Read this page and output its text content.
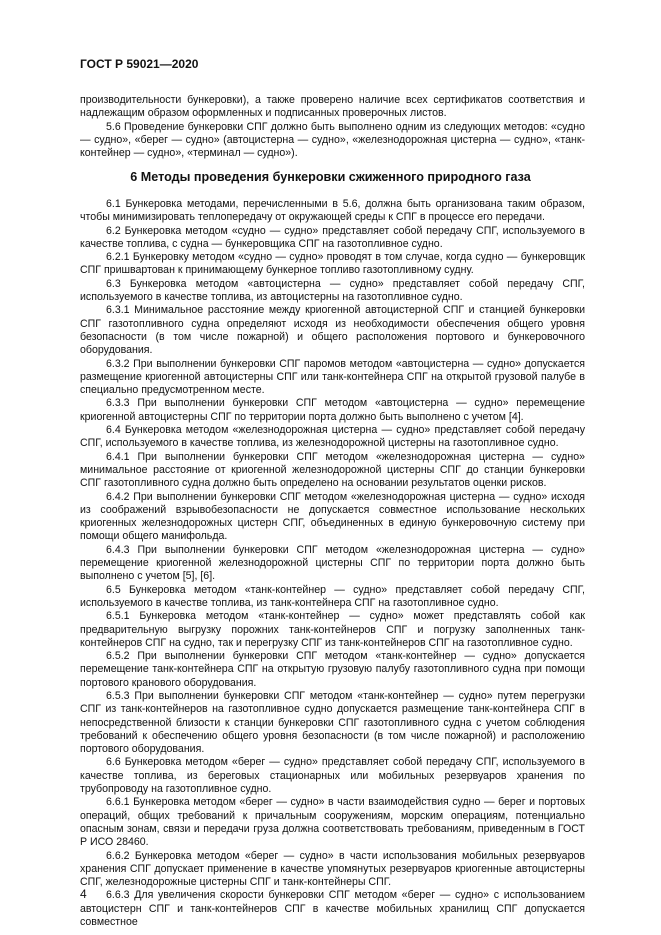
ГОСТ Р 59021—2020

производительности бункеровки), а также проверено наличие всех сертификатов соответствия и надлежащим образом оформленных и подписанных проверочных листов.

5.6 Проведение бункеровки СПГ должно быть выполнено одним из следующих методов: «судно — судно», «берег — судно» (автоцистерна — судно», «железнодорожная цистерна — судно», «танк-контейнер — судно», «терминал — судно»).

6 Методы проведения бункеровки сжиженного природного газа

6.1 Бункеровка методами, перечисленными в 5.6, должна быть организована таким образом, чтобы минимизировать теплопередачу от окружающей среды к СПГ в процессе его передачи.

6.2 Бункеровка методом «судно — судно» представляет собой передачу СПГ, используемого в качестве топлива, с судна — бункеровщика СПГ на газотопливное судно.

6.2.1 Бункеровку методом «судно — судно» проводят в том случае, когда судно — бункеровщик СПГ пришвартован к принимающему бункерное топливо газотопливному судну.

6.3 Бункеровка методом «автоцистерна — судно» представляет собой передачу СПГ, используемого в качестве топлива, из автоцистерны на газотопливное судно.

6.3.1 Минимальное расстояние между криогенной автоцистерной СПГ и станцией бункеровки СПГ газотопливного судна определяют исходя из необходимости обеспечения общего уровня безопасности (в том числе пожарной) и общего расположения портового и бункеровочного оборудования.

6.3.2 При выполнении бункеровки СПГ паромов методом «автоцистерна — судно» допускается размещение криогенной автоцистерны СПГ или танк-контейнера СПГ на открытой грузовой палубе в специально предусмотренном месте.

6.3.3 При выполнении бункеровки СПГ методом «автоцистерна — судно» перемещение криогенной автоцистерны СПГ по территории порта должно быть выполнено с учетом [4].

6.4 Бункеровка методом «железнодорожная цистерна — судно» представляет собой передачу СПГ, используемого в качестве топлива, из железнодорожной цистерны на газотопливное судно.

6.4.1 При выполнении бункеровки СПГ методом «железнодорожная цистерна — судно» минимальное расстояние от криогенной железнодорожной цистерны СПГ до станции бункеровки СПГ газотопливного судна должно быть определено на основании результатов оценки рисков.

6.4.2 При выполнении бункеровки СПГ методом «железнодорожная цистерна — судно» исходя из соображений взрывобезопасности не допускается совместное использование нескольких криогенных железнодорожных цистерн СПГ, объединенных в единую бункеровочную систему при помощи общего манифольда.

6.4.3 При выполнении бункеровки СПГ методом «железнодорожная цистерна — судно» перемещение криогенной железнодорожной цистерны СПГ по территории порта должно быть выполнено с учетом [5], [6].

6.5 Бункеровка методом «танк-контейнер — судно» представляет собой передачу СПГ, используемого в качестве топлива, из танк-контейнера СПГ на газотопливное судно.

6.5.1 Бункеровка методом «танк-контейнер — судно» может представлять собой как предварительную выгрузку порожних танк-контейнеров СПГ и погрузку заполненных танк-контейнеров СПГ на судно, так и перегрузку СПГ из танк-контейнеров СПГ на газотопливное судно.

6.5.2 При выполнении бункеровки СПГ методом «танк-контейнер — судно» допускается перемещение танк-контейнера СПГ на открытую грузовую палубу газотопливного судна при помощи портового кранового оборудования.

6.5.3 При выполнении бункеровки СПГ методом «танк-контейнер — судно» путем перегрузки СПГ из танк-контейнеров на газотопливное судно допускается размещение танк-контейнера СПГ в непосредственной близости к станции бункеровки СПГ газотопливного судна с учетом соблюдения требований к обеспечению общего уровня безопасности (в том числе пожарной) и расположению портового оборудования.

6.6 Бункеровка методом «берег — судно» представляет собой передачу СПГ, используемого в качестве топлива, из береговых стационарных или мобильных резервуаров хранения по трубопроводу на газотопливное судно.

6.6.1 Бункеровка методом «берег — судно» в части взаимодействия судно — берег и портовых операций, общих требований к причальным сооружениям, морским операциям, потенциально опасным зонам, связи и передачи груза должна соответствовать требованиям, приведенным в ГОСТ Р ИСО 28460.

6.6.2 Бункеровка методом «берег — судно» в части использования мобильных резервуаров хранения СПГ допускает применение в качестве упомянутых резервуаров криогенные автоцистерны СПГ, железнодорожные цистерны СПГ и танк-контейнеры СПГ.

6.6.3 Для увеличения скорости бункеровки СПГ методом «берег — судно» с использованием автоцистерн СПГ и танк-контейнеров СПГ в качестве мобильных хранилищ СПГ допускается совместное

4
